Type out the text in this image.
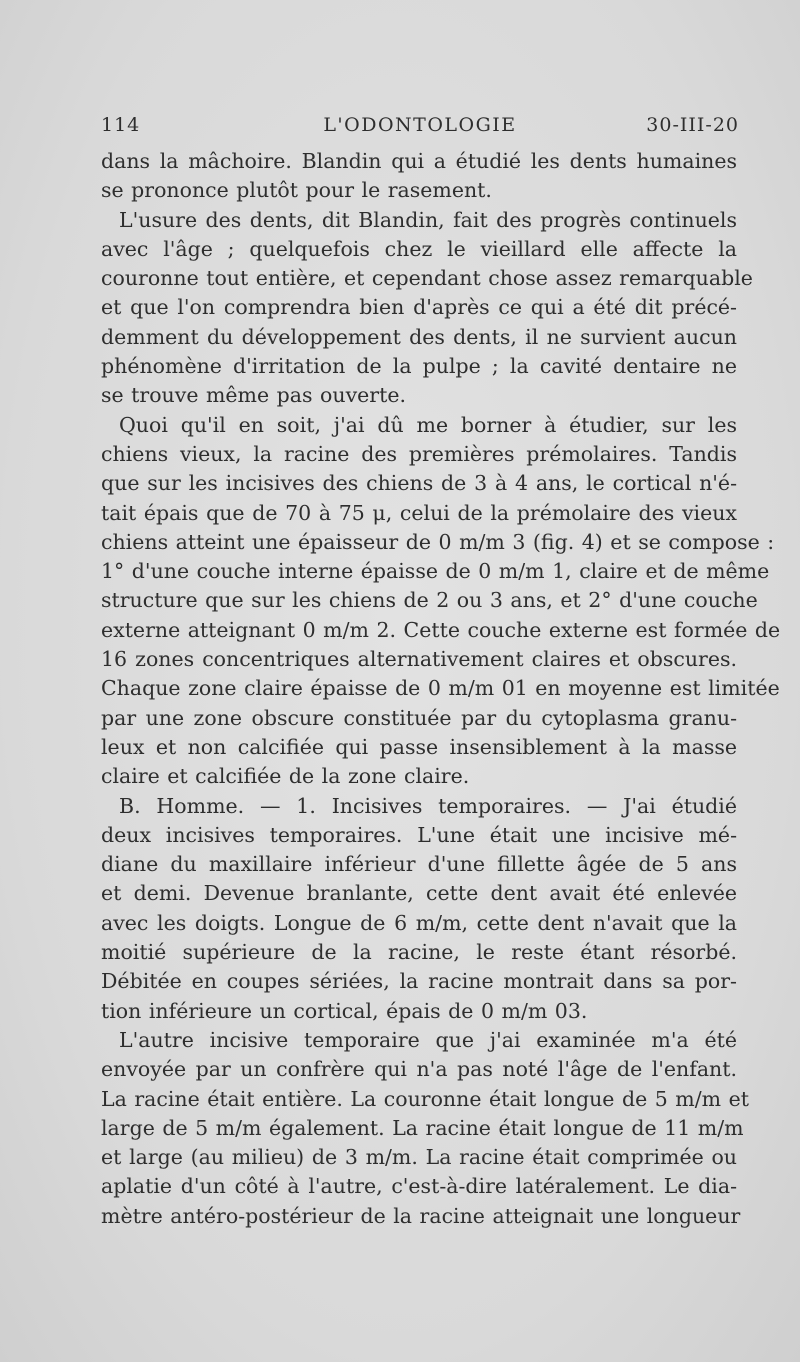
114	L'ODONTOLOGIE	30-III-20
dans la mâchoire. Blandin qui a étudié les dents humaines
se prononce plutôt pour le rasement.
L'usure des dents, dit Blandin, fait des progrès continuels
avec l'âge ; quelquefois chez le vieillard elle affecte la
couronne tout entière, et cependant chose assez remarquable
et que l'on comprendra bien d'après ce qui a été dit précé-
demment du développement des dents, il ne survient aucun
phénomène d'irritation de la pulpe ; la cavité dentaire ne
se trouve même pas ouverte.
Quoi qu'il en soit, j'ai dû me borner à étudier, sur les
chiens vieux, la racine des premières prémolaires. Tandis
que sur les incisives des chiens de 3 à 4 ans, le cortical n'é-
tait épais que de 70 à 75 μ, celui de la prémolaire des vieux
chiens atteint une épaisseur de 0 m/m 3 (fig. 4) et se compose :
1° d'une couche interne épaisse de 0 m/m 1, claire et de même
structure que sur les chiens de 2 ou 3 ans, et 2° d'une couche
externe atteignant 0 m/m 2. Cette couche externe est formée de
16 zones concentriques alternativement claires et obscures.
Chaque zone claire épaisse de 0 m/m 01 en moyenne est limitée
par une zone obscure constituée par du cytoplasma granu-
leux et non calcifiée qui passe insensiblement à la masse
claire et calcifiée de la zone claire.
B. Homme. — 1. Incisives temporaires. — J'ai étudié
deux incisives temporaires. L'une était une incisive mé-
diane du maxillaire inférieur d'une fillette âgée de 5 ans
et demi. Devenue branlante, cette dent avait été enlevée
avec les doigts. Longue de 6 m/m, cette dent n'avait que la
moitié supérieure de la racine, le reste étant résorbé.
Débitée en coupes sériées, la racine montrait dans sa por-
tion inférieure un cortical, épais de 0 m/m 03.
L'autre incisive temporaire que j'ai examinée m'a été
envoyée par un confrère qui n'a pas noté l'âge de l'enfant.
La racine était entière. La couronne était longue de 5 m/m et
large de 5 m/m également. La racine était longue de 11 m/m
et large (au milieu) de 3 m/m. La racine était comprimée ou
aplatie d'un côté à l'autre, c'est-à-dire latéralement. Le dia-
mètre antéro-postérieur de la racine atteignait une longueur
